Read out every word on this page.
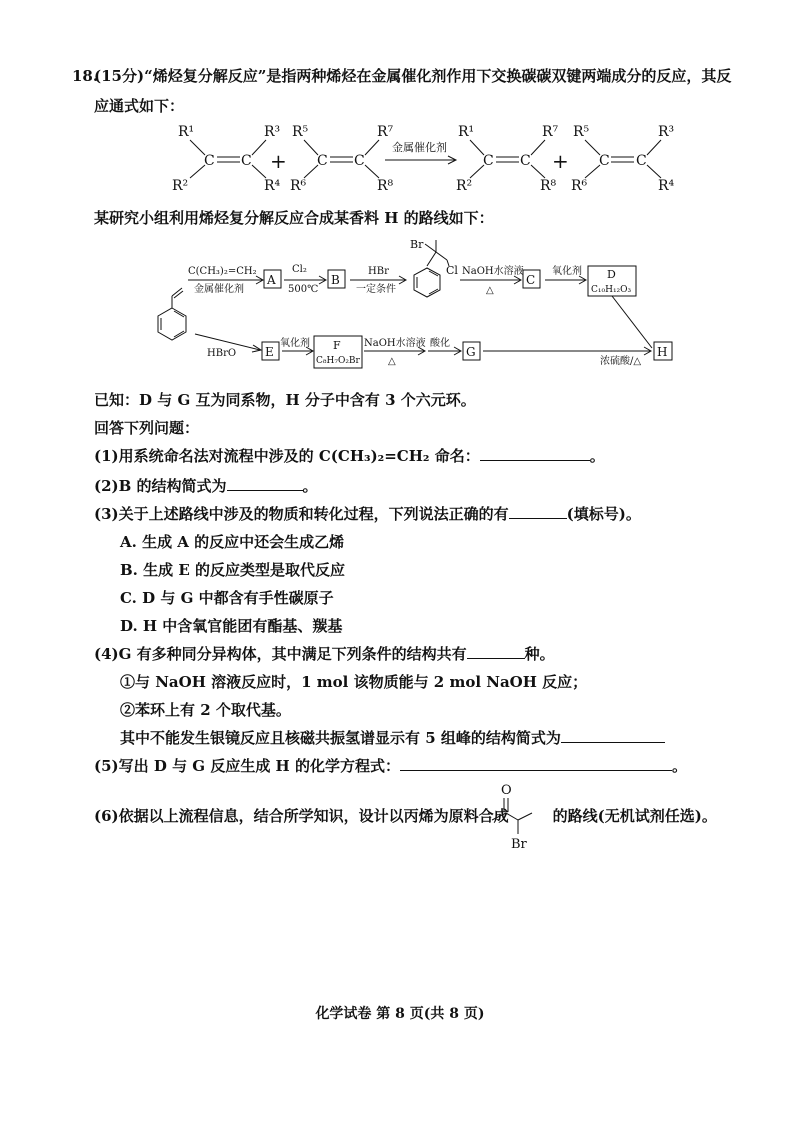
18.
(15分)“烯烃复分解反应”是指两种烯烃在金属催化剂作用下交换碳碳双键两端成分的反应，其反
应通式如下：
R¹
R²
C C
R³
R⁴
+
R⁵
R⁶
C C
R⁷
R⁸
金属催化剂
R¹
R²
C C
R⁷
R⁸
+
R⁵
R⁶
C C
R³
R⁴
某研究小组利用烯烃复分解反应合成某香料 H 的路线如下：
C(CH₃)₂=CH₂
金属催化剂
A
Cl₂
500℃
B
HBr
一定条件
Br
Cl NaOH水溶液
△
C
氧化剂 D
C₁₀H₁₂O₃
HBrO E
氧化剂 F
C₈H₇O₂Br
NaOH水溶液
△
酸化
G
浓硫酸/△
H
已知：D 与 G 互为同系物，H 分子中含有 3 个六元环。
回答下列问题：
(1)用系统命名法对流程中涉及的 C(CH₃)₂=CH₂ 命名：	。
(2)B 的结构简式为	。
(3)关于上述路线中涉及的物质和转化过程，下列说法正确的有	(填标号)。
A. 生成 A 的反应中还会生成乙烯
B. 生成 E 的反应类型是取代反应
C. D 与 G 中都含有手性碳原子
D. H 中含氧官能团有酯基、羰基
(4)G 有多种同分异构体，其中满足下列条件的结构共有	种。
①与 NaOH 溶液反应时，1 mol 该物质能与 2 mol NaOH 反应；
②苯环上有 2 个取代基。
其中不能发生银镜反应且核磁共振氢谱显示有 5 组峰的结构简式为
(5)写出 D 与 G 反应生成 H 的化学方程式：	。
(6)依据以上流程信息，结合所学知识，设计以丙烯为原料合成	的路线(无机试剂任选)。
O
Br
化学试卷 第 8 页(共 8 页)
